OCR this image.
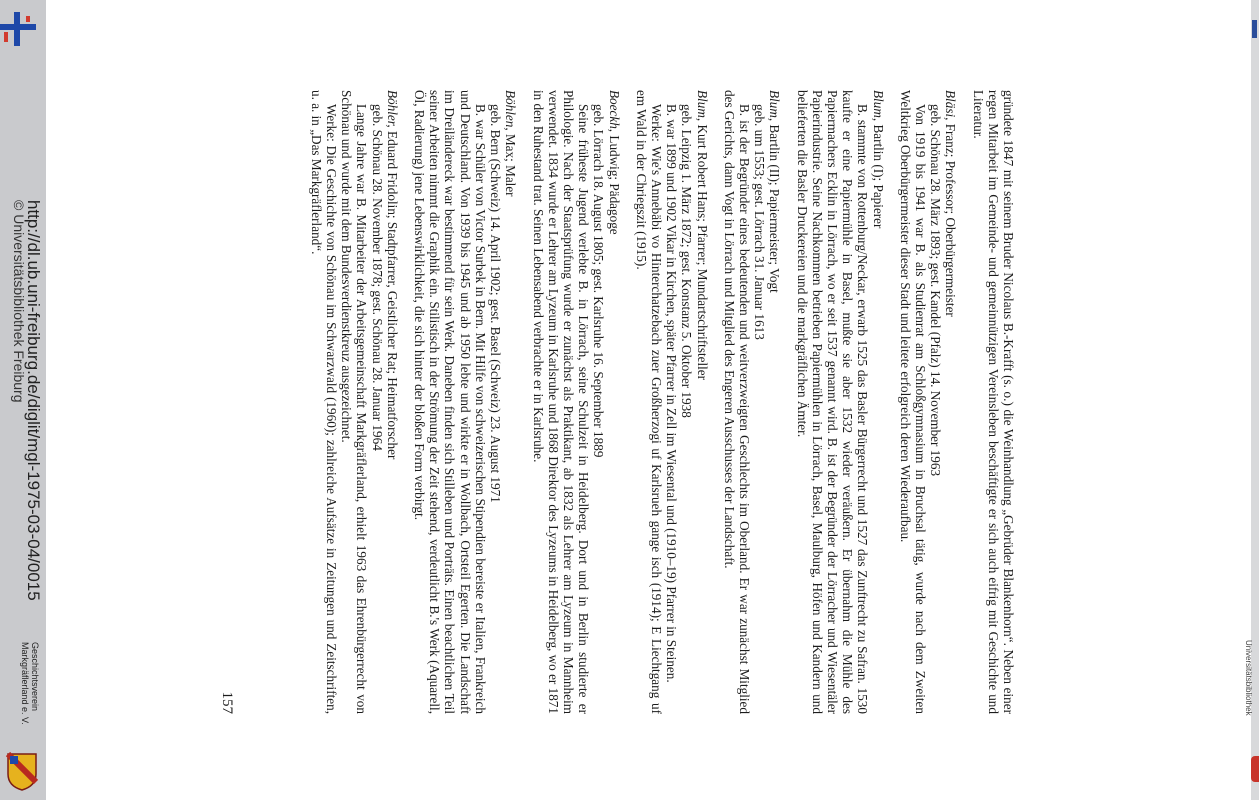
http://dl.ub.uni-freiburg.de/diglit/mgl-1975-03-04/0015
© Universitätsbibliothek Freiburg
Geschichtsverein
Markgräflerland e. V.	Universitätsbibliothek

gründete 1847 mit seinem Bruder Nicolaus B.-Krafft (s. o.) die Weinhandlung „Gebrüder Blankenhorn“. Neben einer regen Mitarbeit im Gemeinde- und gemeinnützigen Vereinsleben beschäftigte er sich auch eifrig mit Geschichte und Literatur.

Bläsi, Franz; Professor; Oberbürgermeister

geb. Schönau 28. März 1893; gest. Kandel (Pfalz) 14. November 1963

Von 1919 bis 1941 war B. als Studienrat am Schloßgymnasium in Bruchsal tätig, wurde nach dem Zweiten Weltkrieg Oberbürgermeister dieser Stadt und leitete erfolgreich deren Wiederaufbau.

Blum, Bartlin (I); Papierer

B. stammte von Rottenburg/Neckar, erwarb 1525 das Basler Bürgerrecht und 1527 das Zunftrecht zu Safran. 1530 kaufte er eine Papiermühle in Basel, mußte sie aber 1532 wieder veräußern. Er übernahm die Mühle des Papiermachers Ecklin in Lörrach, wo er seit 1537 genannt wird. B. ist der Begründer der Lörracher und Wiesentäler Papierindustrie. Seine Nachkommen betrieben Papiermühlen in Lörrach, Basel, Maulburg, Höfen und Kandern und belieferten die Basler Druckereien und die markgräflichen Ämter.

Blum, Bartlin (II); Papiermeister; Vogt

geb. um 1553; gest. Lörrach 31. Januar 1613

B. ist der Begründer eines bedeutenden und weitverzweigten Geschlechts im Oberland. Er war zunächst Mitglied des Gerichts, dann Vogt in Lörrach und Mitglied des Engeren Ausschusses der Landschaft.

Blum, Kurt Robert Hans; Pfarrer; Mundartschriftsteller

geb. Leipzig 1. März 1872; gest. Konstanz 5. Oktober 1938

B. war 1899 und 1902 Vikar in Kirchen, später Pfarrer in Zell im Wiesental und (1910–19) Pfarrer in Steinen.

Werke: Wie's Annebäbi vo Hinterchatzebach zuer Großherzogi uf Karlsrueh gange isch (1914); E Liechtgang uf em Wald in der Chriegszit (1915).

Boeckh, Ludwig; Pädagoge

geb. Lörrach 18. August 1805; gest. Karlsruhe 16. September 1889

Seine früheste Jugend verlebte B. in Lörrach, seine Schulzeit in Heidelberg. Dort und in Berlin studierte er Philologie. Nach der Staatsprüfung wurde er zunächst als Praktikant, ab 1832 als Lehrer am Lyzeum in Mannheim verwendet. 1834 wurde er Lehrer am Lyzeum in Karlsruhe und 1868 Direktor des Lyzeums in Heidelberg, wo er 1871 in den Ruhestand trat. Seinen Lebensabend verbrachte er in Karlsruhe.

Böhlen, Max; Maler

geb. Bern (Schweiz) 14. April 1902; gest. Basel (Schweiz) 23. August 1971

B. war Schüler von Victor Surbek in Bern. Mit Hilfe von schweizerischen Stipendien bereiste er Italien, Frankreich und Deutschland. Von 1939 bis 1945 und ab 1950 lebte und wirkte er in Wollbach, Ortsteil Egerten. Die Landschaft im Dreiländereck war bestimmend für sein Werk. Daneben finden sich Stilleben und Porträts. Einen beachtlichen Teil seiner Arbeiten nimmt die Graphik ein. Stilistisch in der Strömung der Zeit stehend, verdeutlicht B.'s Werk (Aquarell, Öl, Radierung) jene Lebenswirklichkeit, die sich hinter der bloßen Form verbirgt.

Böhler, Eduard Fridolin; Stadtpfarrer, Geistlicher Rat; Heimatforscher

geb. Schönau 28. November 1878; gest. Schönau 28. Januar 1964

Lange Jahre war B. Mitarbeiter der Arbeitsgemeinschaft Markgräflerland, erhielt 1963 das Ehrenbürgerrecht von Schönau und wurde mit dem Bundesverdienstkreuz ausgezeichnet.

Werke: Die Geschichte von Schönau im Schwarzwald (1960); zahlreiche Aufsätze in Zeitungen und Zeitschriften, u. a. in „Das Markgräflerland“.

157
